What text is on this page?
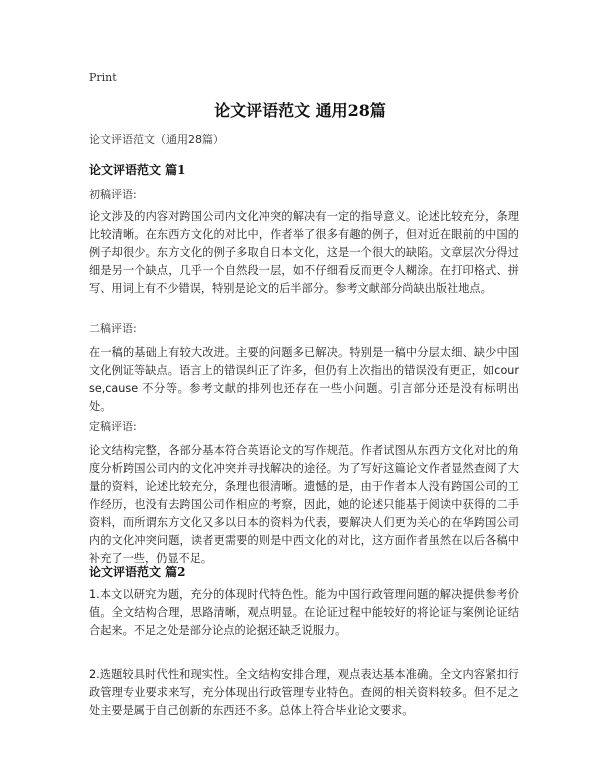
Print
论文评语范文 通用28篇
论文评语范文（通用28篇）
论文评语范文 篇1
初稿评语:

论文涉及的内容对跨国公司内文化冲突的解决有一定的指导意义。论述比较充分，条理比较清晰。在东西方文化的对比中，作者举了很多有趣的例子，但对近在眼前的中国的例子却很少。东方文化的例子多取自日本文化，这是一个很大的缺陷。文章层次分得过细是另一个缺点，几乎一个自然段一层，如不仔细看反而更令人糊涂。在打印格式、拼写、用词上有不少错误，特别是论文的后半部分。参考文献部分尚缺出版社地点。

二稿评语:

在一稿的基础上有较大改进。主要的问题多已解决。特别是一稿中分层太细、缺少中国文化例证等缺点。语言上的错误纠正了许多，但仍有上次指出的错误没有更正，如course,cause 不分等。参考文献的排列也还存在一些小问题。引言部分还是没有标明出处。

定稿评语:

论文结构完整，各部分基本符合英语论文的写作规范。作者试图从东西方文化对比的角度分析跨国公司内的文化冲突并寻找解决的途径。为了写好这篇论文作者显然查阅了大量的资料，论述比较充分，条理也很清晰。遗憾的是，由于作者本人没有跨国公司的工作经历，也没有去跨国公司作相应的考察，因此，她的论述只能基于阅读中获得的二手资料，而所谓东方文化又多以日本的资料为代表，要解决人们更为关心的在华跨国公司内的文化冲突问题，读者更需要的则是中西文化的对比，这方面作者虽然在以后各稿中补充了一些，仍显不足。

论文评语范文 篇2

1.本文以研究为题，充分的体现时代特色性。能为中国行政管理问题的解决提供参考价值。全文结构合理，思路清晰，观点明显。在论证过程中能较好的将论证与案例论证结合起来。不足之处是部分论点的论据还缺乏说服力。

2.选题较具时代性和现实性。全文结构安排合理，观点表达基本准确。全文内容紧扣行政管理专业要求来写，充分体现出行政管理专业特色。查阅的相关资料较多。但不足之处主要是属于自己创新的东西还不多。总体上符合毕业论文要求。
